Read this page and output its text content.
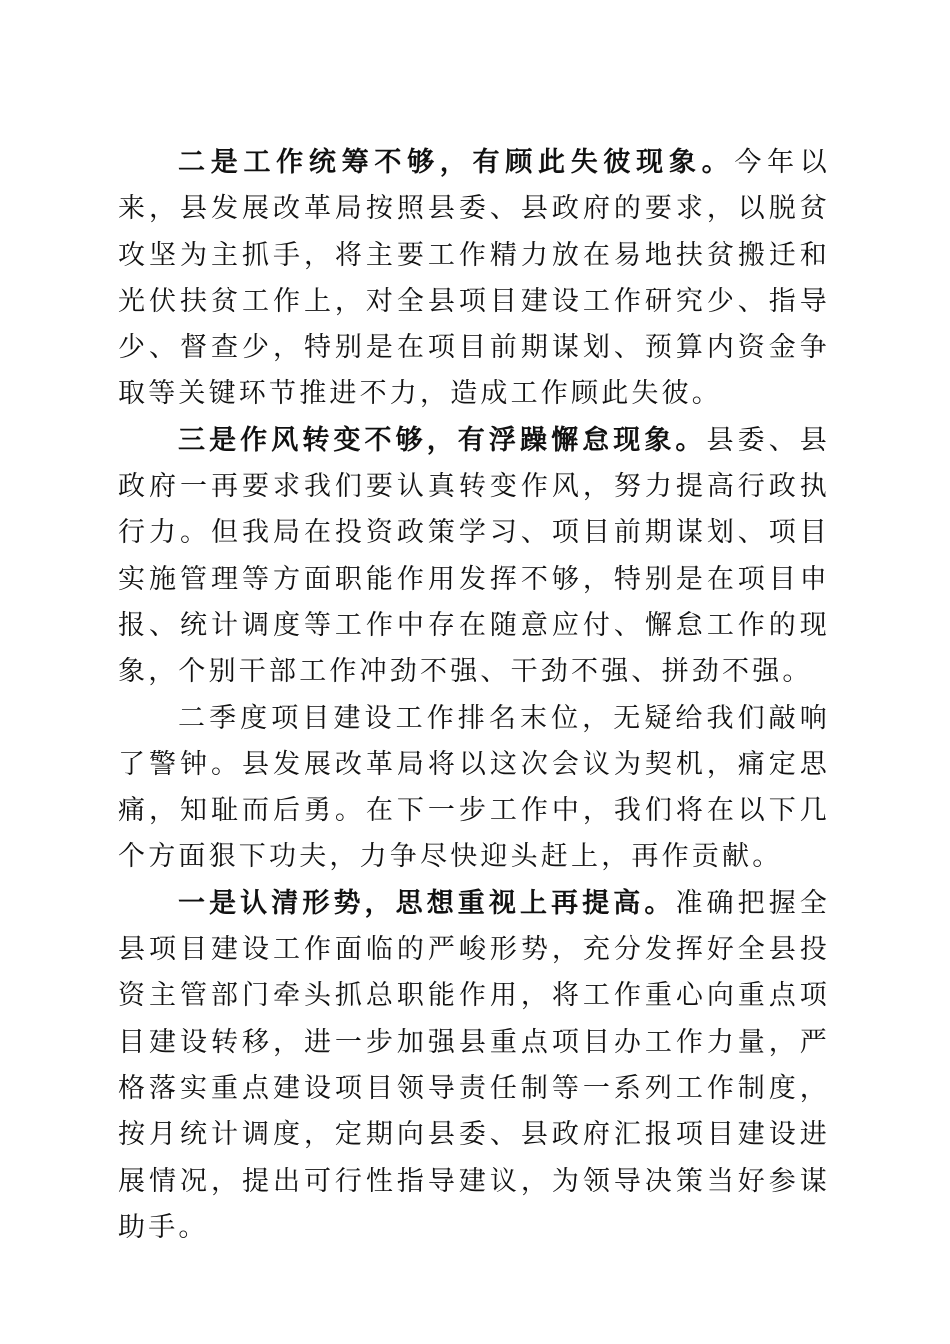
二是工作统筹不够，有顾此失彼现象。今年以来，县发展改革局按照县委、县政府的要求，以脱贫攻坚为主抓手，将主要工作精力放在易地扶贫搬迁和光伏扶贫工作上，对全县项目建设工作研究少、指导少、督查少，特别是在项目前期谋划、预算内资金争取等关键环节推进不力，造成工作顾此失彼。

三是作风转变不够，有浮躁懈怠现象。县委、县政府一再要求我们要认真转变作风，努力提高行政执行力。但我局在投资政策学习、项目前期谋划、项目实施管理等方面职能作用发挥不够，特别是在项目申报、统计调度等工作中存在随意应付、懈怠工作的现象，个别干部工作冲劲不强、干劲不强、拼劲不强。

二季度项目建设工作排名末位，无疑给我们敲响了警钟。县发展改革局将以这次会议为契机，痛定思痛，知耻而后勇。在下一步工作中，我们将在以下几个方面狠下功夫，力争尽快迎头赶上，再作贡献。

一是认清形势，思想重视上再提高。准确把握全县项目建设工作面临的严峻形势，充分发挥好全县投资主管部门牵头抓总职能作用，将工作重心向重点项目建设转移，进一步加强县重点项目办工作力量，严格落实重点建设项目领导责任制等一系列工作制度，按月统计调度，定期向县委、县政府汇报项目建设进展情况，提出可行性指导建议，为领导决策当好参谋助手。
